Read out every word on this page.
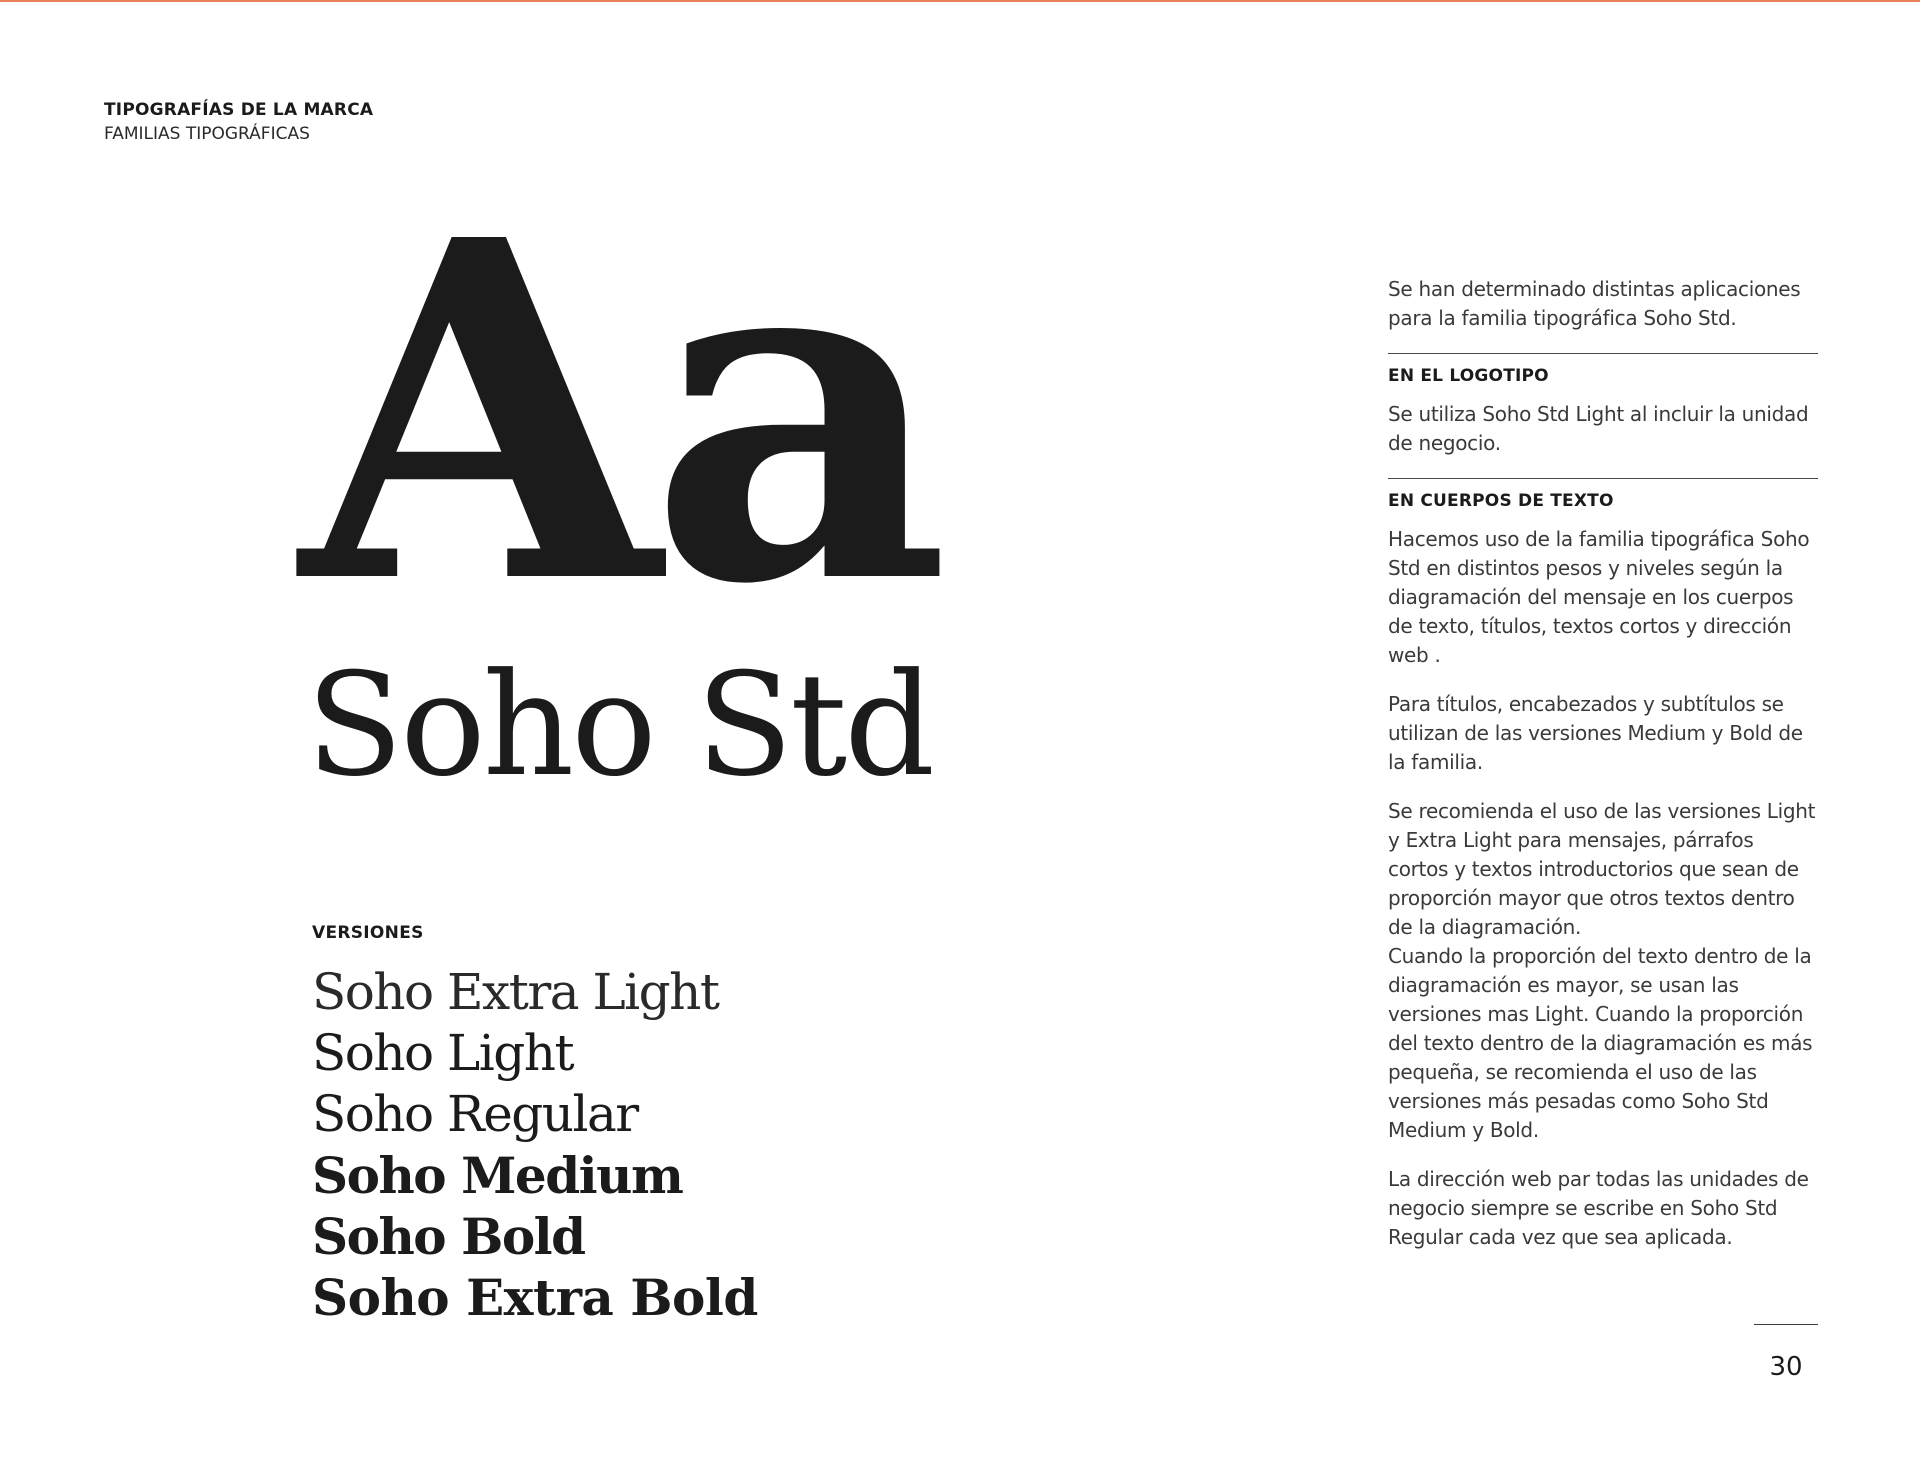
TIPOGRAFÍAS DE LA MARCA
FAMILIAS TIPOGRÁFICAS
Aa
Soho Std
VERSIONES
Soho Extra Light
Soho Light
Soho Regular
Soho Medium
Soho Bold
Soho Extra Bold

Se han determinado distintas aplicaciones para la familia tipográfica Soho Std.

EN EL LOGOTIPO

Se utiliza Soho Std Light al incluir la unidad de negocio.

EN CUERPOS DE TEXTO

Hacemos uso de la familia tipográfica Soho Std en distintos pesos y niveles según la diagramación del mensaje en los cuerpos de texto, títulos, textos cortos y dirección web .

Para títulos, encabezados y subtítulos se utilizan de las versiones Medium y Bold de la familia.

Se recomienda el uso de las versiones Light y Extra Light para mensajes, párrafos cortos y textos introductorios que sean de proporción mayor que otros textos dentro de la diagramación.

Cuando la proporción del texto dentro de la diagramación es mayor, se usan las versiones mas Light. Cuando la proporción del texto dentro de la diagramación es más pequeña, se recomienda el uso de las versiones más pesadas como Soho Std Medium y Bold.

La dirección web par todas las unidades de negocio siempre se escribe en Soho Std Regular cada vez que sea aplicada.

30
